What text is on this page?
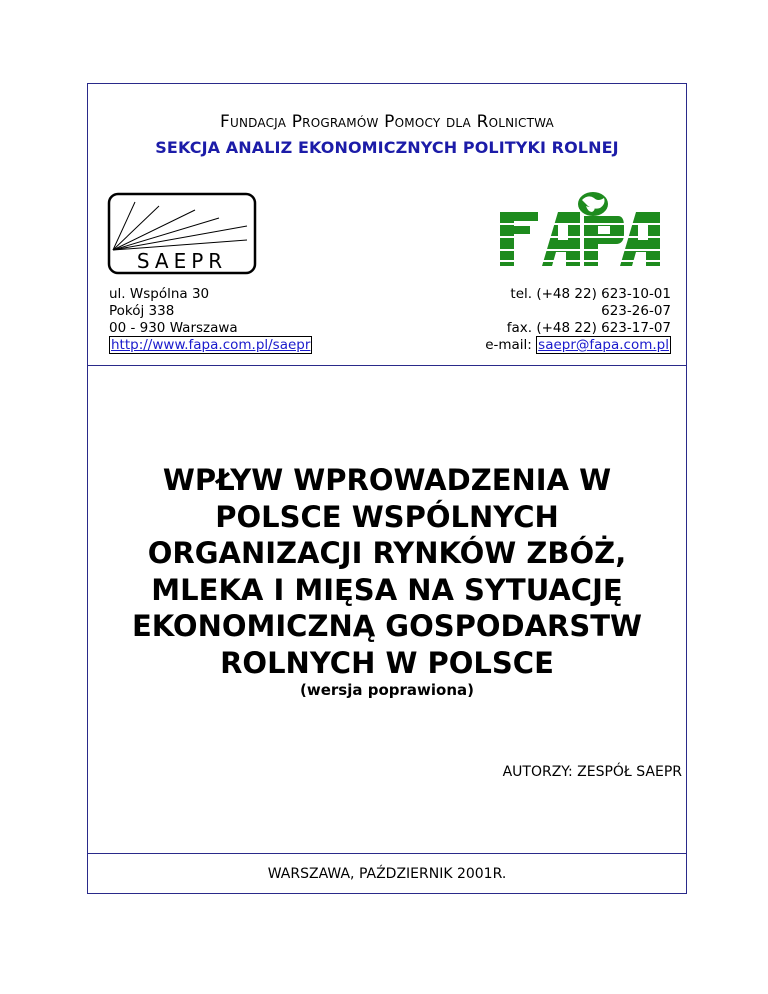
Fundacja Programów Pomocy dla Rolnictwa
SEKCJA ANALIZ EKONOMICZNYCH POLITYKI ROLNEJ
SAEPR
ul. Wspólna 30
Pokój 338
00 - 930 Warszawa
http://www.fapa.com.pl/saepr
tel. (+48 22) 623-10-01
623-26-07
fax. (+48 22) 623-17-07
e-mail: saepr@fapa.com.pl
WPŁYW WPROWADZENIA W
POLSCE WSPÓLNYCH
ORGANIZACJI RYNKÓW ZBÓŻ,
MLEKA I MIĘSA NA SYTUACJĘ
EKONOMICZNĄ GOSPODARSTW
ROLNYCH W POLSCE
(wersja poprawiona)
AUTORZY: ZESPÓŁ SAEPR
WARSZAWA, PAŹDZIERNIK 2001R.
